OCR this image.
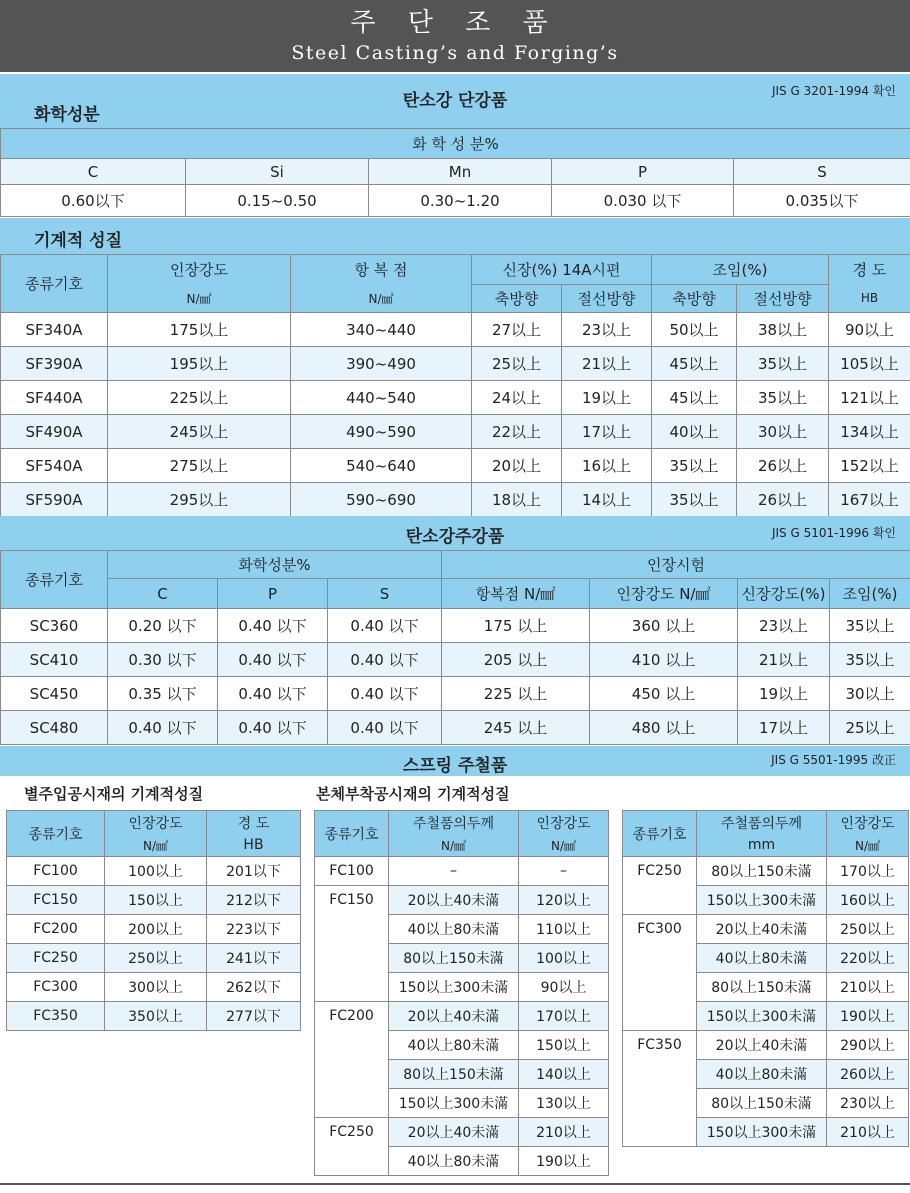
주 단 조 품
Steel Casting’s and Forging’s
탄소강 단강품	JIS G 3201-1994 확인
화학성분
화 학 성 분%				
C	Si	Mn	P	S
0.60以下	0.15~0.50	0.30~1.20	0.030 以下	0.035以下
기계적 성질
종류기호	인장강도	항 복 점	신장(%) 14A시편		조임(%)		경 도
	N/㎟	N/㎟	축방향	절선방향	축방향	절선방향	HB
SF340A	175以上	340~440	27以上	23以上	50以上	38以上	90以上
SF390A	195以上	390~490	25以上	21以上	45以上	35以上	105以上
SF440A	225以上	440~540	24以上	19以上	45以上	35以上	121以上
SF490A	245以上	490~590	22以上	17以上	40以上	30以上	134以上
SF540A	275以上	540~640	20以上	16以上	35以上	26以上	152以上
SF590A	295以上	590~690	18以上	14以上	35以上	26以上	167以上
탄소강주강품	JIS G 5101-1996 확인
종류기호	화학성분%			인장시험			
	C	P	S	항복점 N/㎟	인장강도 N/㎟	신장강도(%)	조임(%)
SC360	0.20 以下	0.40 以下	0.40 以下	175 以上	360 以上	23以上	35以上
SC410	0.30 以下	0.40 以下	0.40 以下	205 以上	410 以上	21以上	35以上
SC450	0.35 以下	0.40 以下	0.40 以下	225 以上	450 以上	19以上	30以上
SC480	0.40 以下	0.40 以下	0.40 以下	245 以上	480 以上	17以上	25以上
스프링 주철품	JIS G 5501-1995 改正
별주입공시재의 기계적성질	본체부착공시재의 기계적성질
종류기호	인장강도	경 도
	N/㎟	HB
FC100	100以上	201以下
FC150	150以上	212以下
FC200	200以上	223以下
FC250	250以上	241以下
FC300	300以上	262以下
FC350	350以上	277以下
종류기호	주철품의두께	인장강도
	N/㎟	N/㎟
FC100	–	–
FC150	20以上40未滿	120以上
	40以上80未滿	110以上
	80以上150未滿	100以上
	150以上300未滿	90以上
FC200	20以上40未滿	170以上
	40以上80未滿	150以上
	80以上150未滿	140以上
	150以上300未滿	130以上
FC250	20以上40未滿	210以上
	40以上80未滿	190以上
종류기호	주철품의두께	인장강도
	mm	N/㎟
FC250	80以上150未滿	170以上
	150以上300未滿	160以上
FC300	20以上40未滿	250以上
	40以上80未滿	220以上
	80以上150未滿	210以上
	150以上300未滿	190以上
FC350	20以上40未滿	290以上
	40以上80未滿	260以上
	80以上150未滿	230以上
	150以上300未滿	210以上
